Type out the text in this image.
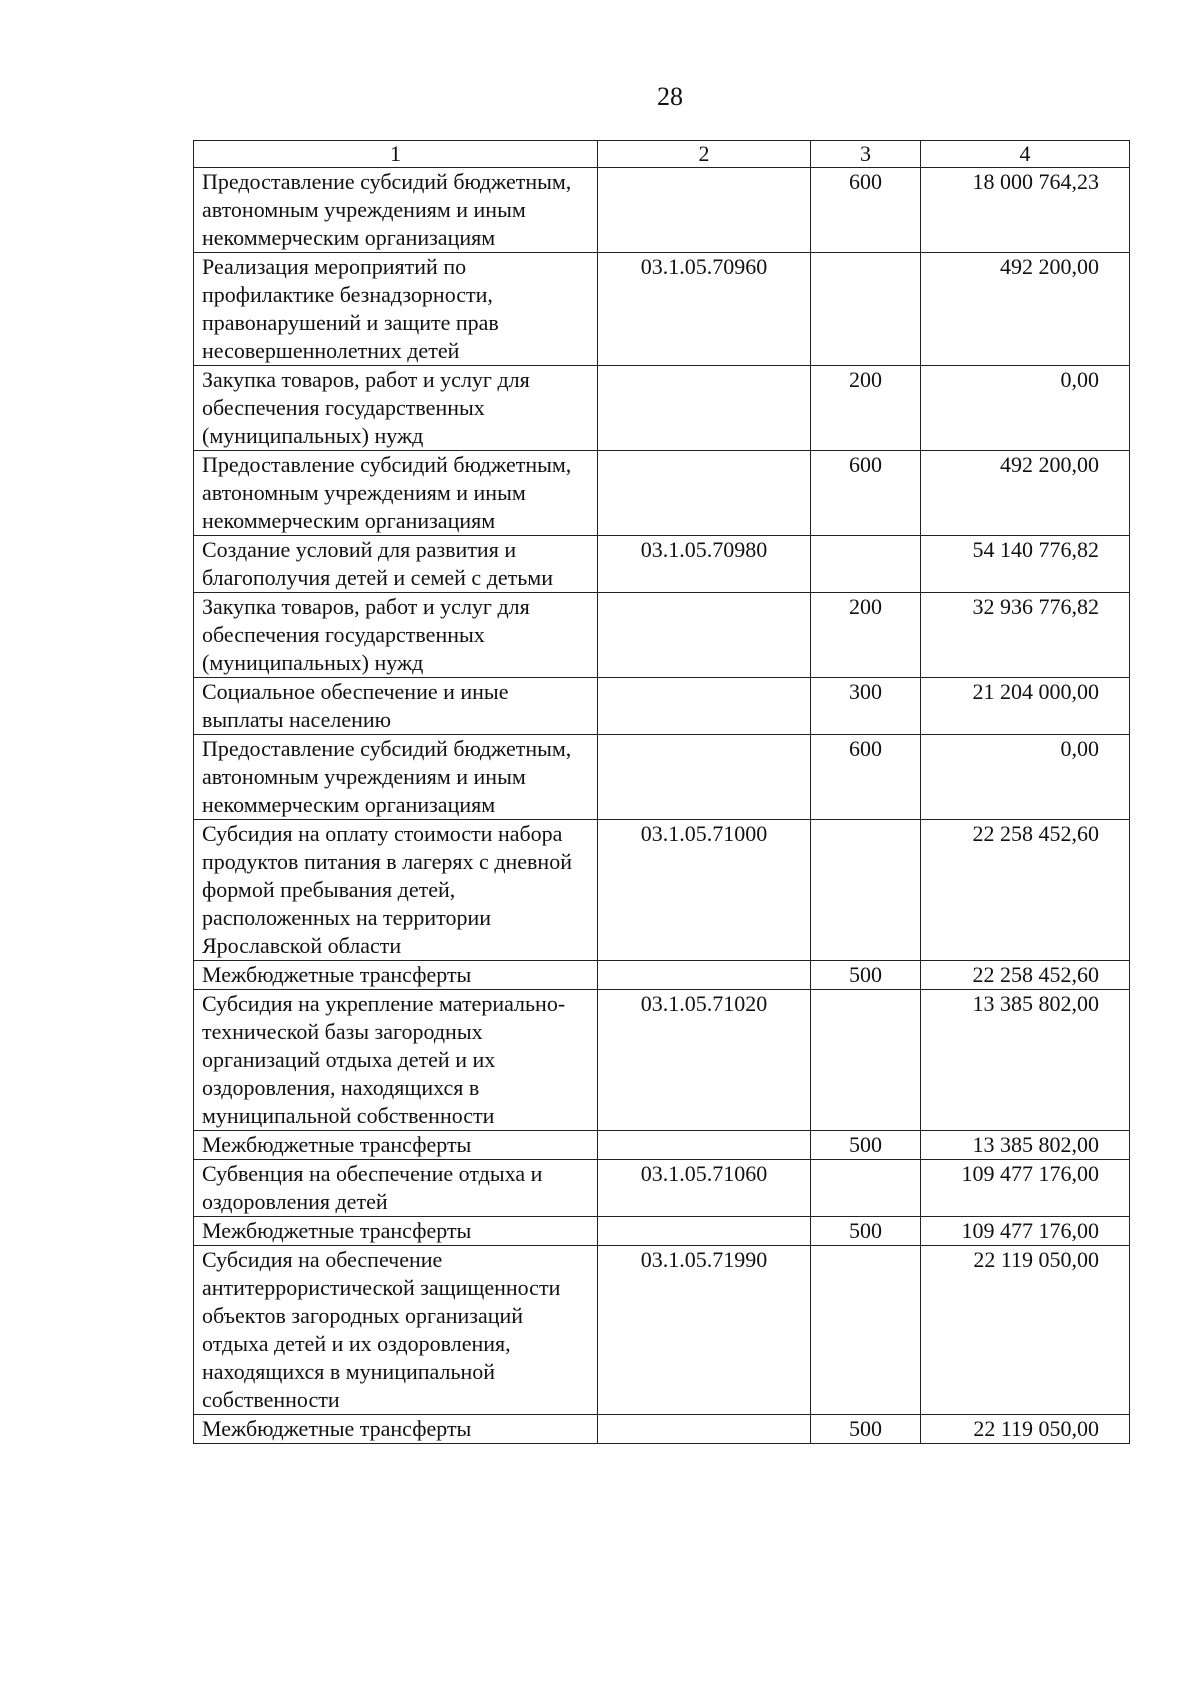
28
1	2	3	4
Предоставление субсидий бюджетным, автономным учреждениям и иным некоммерческим организациям		600	18 000 764,23
Реализация мероприятий по профилактике безнадзорности, правонарушений и защите прав несовершеннолетних детей	03.1.05.70960		492 200,00
Закупка товаров, работ и услуг для обеспечения государственных (муниципальных) нужд		200	0,00
Предоставление субсидий бюджетным, автономным учреждениям и иным некоммерческим организациям		600	492 200,00
Создание условий для развития и благополучия детей и семей с детьми	03.1.05.70980		54 140 776,82
Закупка товаров, работ и услуг для обеспечения государственных (муниципальных) нужд		200	32 936 776,82
Социальное обеспечение и иные выплаты населению		300	21 204 000,00
Предоставление субсидий бюджетным, автономным учреждениям и иным некоммерческим организациям		600	0,00
Субсидия на оплату стоимости набора продуктов питания в лагерях с дневной формой пребывания детей, расположенных на территории Ярославской области	03.1.05.71000		22 258 452,60
Межбюджетные трансферты		500	22 258 452,60
Субсидия на укрепление материально-технической базы загородных организаций отдыха детей и их оздоровления, находящихся в муниципальной собственности	03.1.05.71020		13 385 802,00
Межбюджетные трансферты		500	13 385 802,00
Субвенция на обеспечение отдыха и оздоровления детей	03.1.05.71060		109 477 176,00
Межбюджетные трансферты		500	109 477 176,00
Субсидия на обеспечение антитеррористической защищенности объектов загородных организаций отдыха детей и их оздоровления, находящихся в муниципальной собственности	03.1.05.71990		22 119 050,00
Межбюджетные трансферты		500	22 119 050,00
